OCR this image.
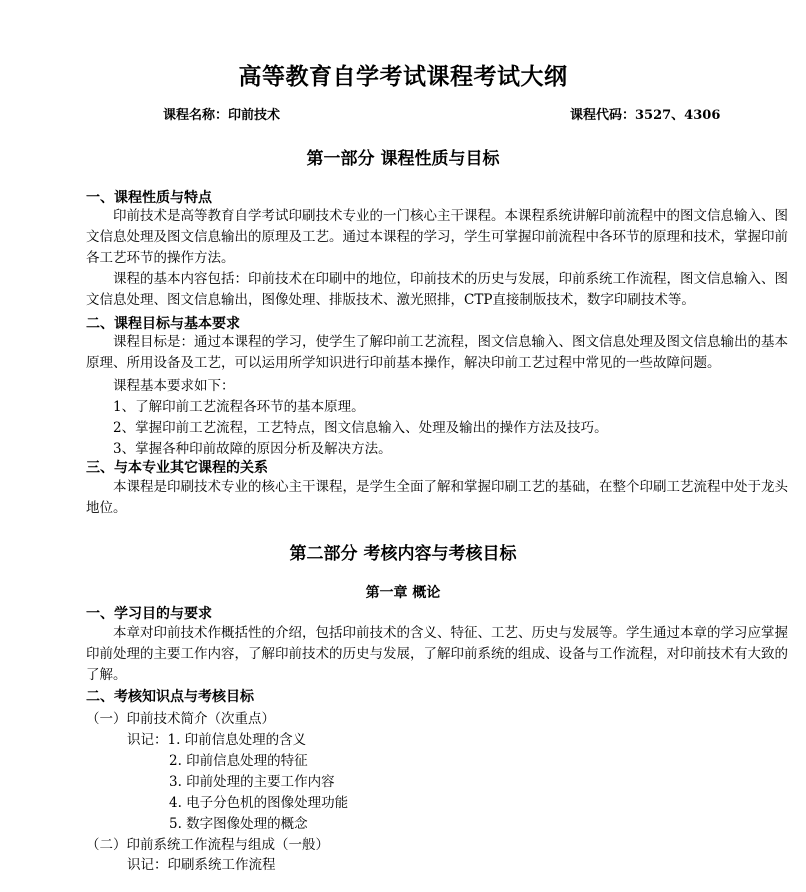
高等教育自学考试课程考试大纲
课程名称：印前技术	课程代码：3527、4306
第一部分 课程性质与目标
一、课程性质与特点
印前技术是高等教育自学考试印刷技术专业的一门核心主干课程。本课程系统讲解印前流程中的图文信息输入、图文信息处理及图文信息输出的原理及工艺。通过本课程的学习，学生可掌握印前流程中各环节的原理和技术，掌握印前各工艺环节的操作方法。
课程的基本内容包括：印前技术在印刷中的地位，印前技术的历史与发展，印前系统工作流程，图文信息输入、图文信息处理、图文信息输出，图像处理、排版技术、激光照排，CTP直接制版技术，数字印刷技术等。
二、课程目标与基本要求
课程目标是：通过本课程的学习，使学生了解印前工艺流程，图文信息输入、图文信息处理及图文信息输出的基本原理、所用设备及工艺，可以运用所学知识进行印前基本操作，解决印前工艺过程中常见的一些故障问题。
课程基本要求如下：
1、了解印前工艺流程各环节的基本原理。
2、掌握印前工艺流程，工艺特点，图文信息输入、处理及输出的操作方法及技巧。
3、掌握各种印前故障的原因分析及解决方法。
三、与本专业其它课程的关系
本课程是印刷技术专业的核心主干课程，是学生全面了解和掌握印刷工艺的基础，在整个印刷工艺流程中处于龙头地位。
第二部分 考核内容与考核目标
第一章 概论
一、学习目的与要求
本章对印前技术作概括性的介绍，包括印前技术的含义、特征、工艺、历史与发展等。学生通过本章的学习应掌握印前处理的主要工作内容，了解印前技术的历史与发展，了解印前系统的组成、设备与工作流程，对印前技术有大致的了解。
二、考核知识点与考核目标
（一）印前技术简介（次重点）
识记：1. 印前信息处理的含义
2. 印前信息处理的特征
3. 印前处理的主要工作内容
4. 电子分色机的图像处理功能
5. 数字图像处理的概念
（二）印前系统工作流程与组成（一般）
识记：印刷系统工作流程
